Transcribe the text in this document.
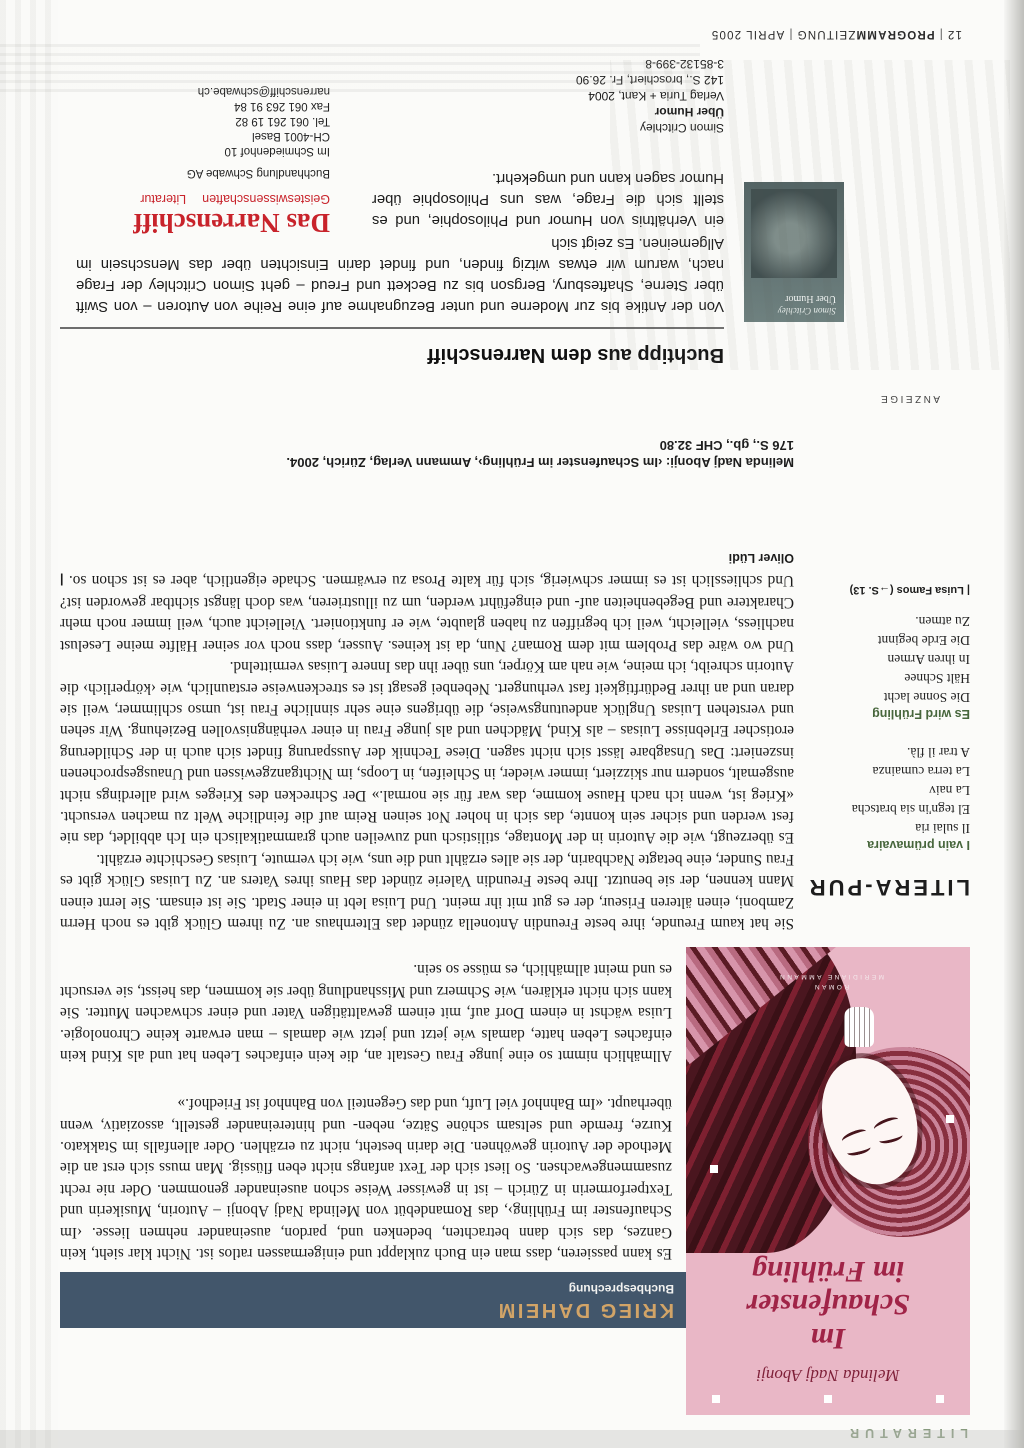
LITERATUR
Melinda Nadj Abonji
Im
Schaufenster
im Frühling
ROMAN
MERIDIANE AMMANN
KRIEG DAHEIM
Buchbesprechung

Es kann passieren, dass man ein Buch zuklappt und einigermassen ratlos ist. Nicht klar sieht, kein Ganzes, das sich dann betrachten, bedenken und, pardon, auseinander nehmen liesse. ‹Im Schaufenster im Frühling›, das Romandebüt von Melinda Nadj Abonji – Autorin, Musikerin und Textperformerin in Zürich – ist in gewisser Weise schon auseinander genommen. Oder nie recht zusammengewachsen. So liest sich der Text anfangs nicht eben flüssig. Man muss sich erst an die Methode der Autorin gewöhnen. Die darin besteht, nicht zu erzählen. Oder allenfalls im Stakkato. Kurze, fremde und seltsam schöne Sätze, neben- und hintereinander gestellt, assoziativ, wenn überhaupt. «Im Bahnhof viel Luft, und das Gegenteil von Bahnhof ist Friedhof.»

Allmählich nimmt so eine junge Frau Gestalt an, die kein einfaches Leben hat und als Kind kein einfaches Leben hatte, damals wie jetzt und jetzt wie damals – man erwarte keine Chronologie. Luisa wächst in einem Dorf auf, mit einem gewalttätigen Vater und einer schwachen Mutter. Sie kann sich nicht erklären, wie Schmerz und Misshandlung über sie kommen, das heisst, sie versucht es und meint allmählich, es müsse so sein.

Sie hat kaum Freunde, ihre beste Freundin Antonella zündet das Elternhaus an. Zu ihrem Glück gibt es noch Herrn Zamboni, einen älteren Friseur, der es gut mit ihr meint. Und Luisa lebt in einer Stadt. Sie ist einsam. Sie lernt einen Mann kennen, der sie benutzt. Ihre beste Freundin Valerie zündet das Haus ihres Vaters an. Zu Luisas Glück gibt es Frau Sunder, eine betagte Nachbarin, der sie alles erzählt und die uns, wie ich vermute, Luisas Geschichte erzählt.

Es überzeugt, wie die Autorin in der Montage, stilistisch und zuweilen auch grammatikalisch ein Ich abbildet, das nie fest werden und sicher sein konnte, das sich in hoher Not seinen Reim auf die feindliche Welt zu machen versucht. «Krieg ist, wenn ich nach Hause komme, das war für sie normal.» Der Schrecken des Krieges wird allerdings nicht ausgemalt, sondern nur skizziert, immer wieder, in Schleifen, in Loops, im Nichtganzgewissen und Unausgesprochenen inszeniert: Das Unsagbare lässt sich nicht sagen. Diese Technik der Aussparung findet sich auch in der Schilderung erotischer Erlebnisse Luisas – als Kind, Mädchen und als junge Frau in einer verhängnisvollen Beziehung. Wir sehen und verstehen Luisas Unglück andeutungsweise, die übrigens eine sehr sinnliche Frau ist, umso schlimmer, weil sie daran und an ihrer Bedürftigkeit fast verhungert. Nebenbei gesagt ist es streckenweise erstaunlich, wie ‹körperlich› die Autorin schreibt, ich meine, wie nah am Körper, uns über ihn das Innere Luisas vermittelnd.

Und wo wäre das Problem mit dem Roman? Nun, da ist keines. Ausser, dass noch vor seiner Hälfte meine Leselust nachliess, vielleicht, weil ich begriffen zu haben glaubte, wie er funktioniert. Vielleicht auch, weil immer noch mehr Charaktere und Begebenheiten auf- und eingeführt werden, um zu illustrieren, was doch längst sichtbar geworden ist? Und schliesslich ist es immer schwierig, sich für kalte Prosa zu erwärmen. Schade eigentlich, aber es ist schon so. | Oliver Lüdi

Melinda Nadj Abonji: ‹Im Schaufenster im Frühling›, Ammann Verlag, Zürich, 2004.
176 S., gb., CHF 32.80
LITERA-PUR
I vain prümavaira
Il sulai ria
El tegn'in sia bratscha
La naiv
La terra cumainza
A trar il flà.
Es wird Frühling
Die Sonne lacht
Hält Schnee
In ihren Armen
Die Erde beginnt
Zu atmen.
| Luisa Famos (→S. 13)
ANZEIGE
Buchtipp aus dem Narrenschiff
Simon Critchley
Über Humor
Von der Antike bis zur Moderne und unter Bezugnahme auf eine Reihe von Autoren – von Swift über Sterne, Shaftesbury, Bergson bis zu Beckett und Freud – geht Simon Critchley der Frage nach, warum wir etwas witzig finden, und findet darin Einsichten über das Menschsein im Allgemeinen. Es zeigt sich
ein Verhältnis von Humor und Philosophie, und es stellt sich die Frage, was uns Philosophie über Humor sagen kann und umgekehrt.
Simon Critchley
Über Humor
Verlag Turia + Kant, 2004
142 S., broschiert, Fr. 26.90
3-85132-399-8
Das Narrenschiff
GeisteswissenschaftenLiteratur
Buchhandlung Schwabe AG
Im Schmiedenhof 10
CH-4001 Basel
Tel. 061 261 19 82
Fax 061 263 91 84
narrenschiff@schwabe.ch
12|PROGRAMMZEITUNG|APRIL 2005
